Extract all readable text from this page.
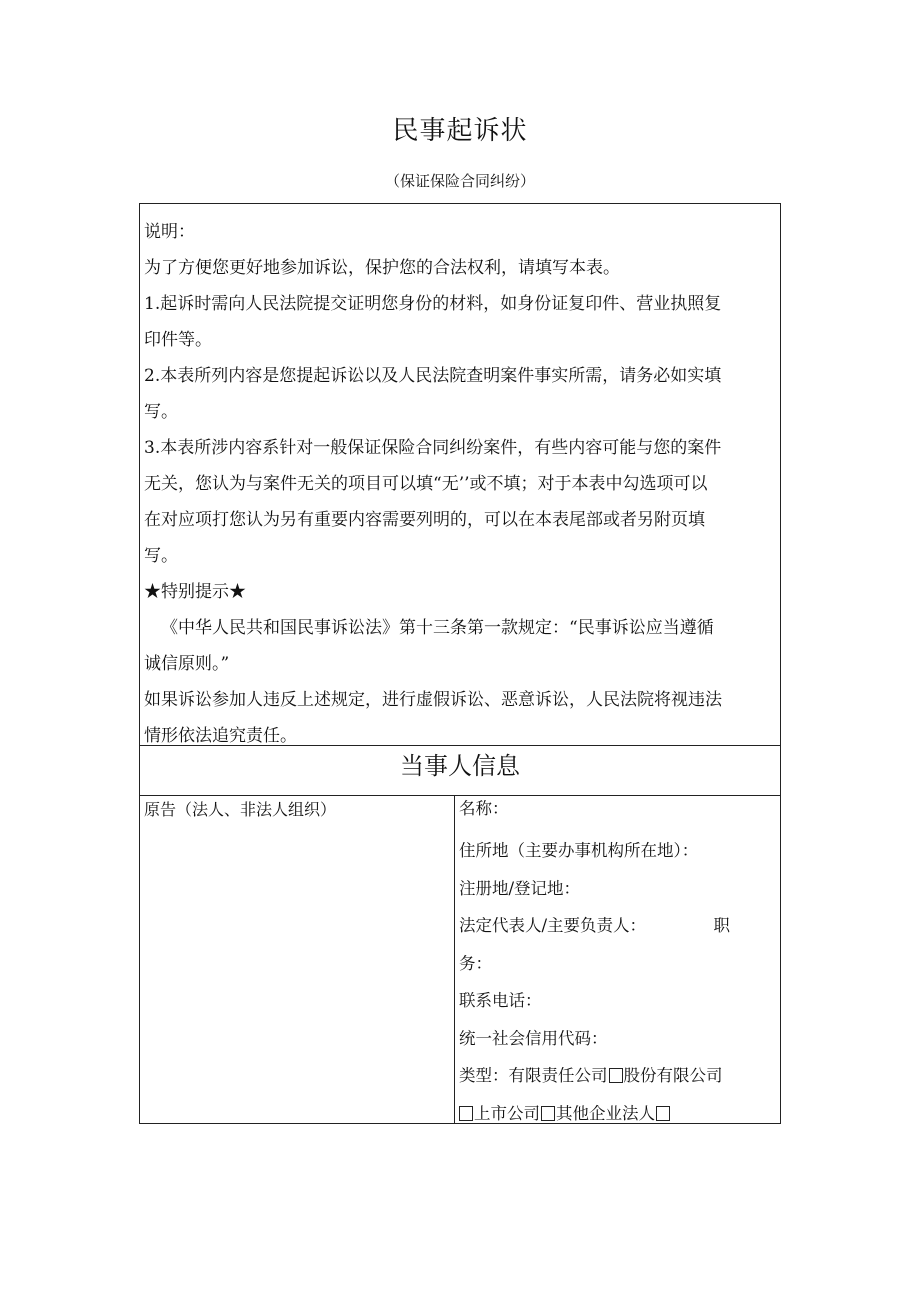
民事起诉状
（保证保险合同纠纷）

说明：

为了方便您更好地参加诉讼，保护您的合法权利，请填写本表。

1.起诉时需向人民法院提交证明您身份的材料，如身份证复印件、营业执照复

印件等。

2.本表所列内容是您提起诉讼以及人民法院查明案件事实所需，请务必如实填

写。

3.本表所涉内容系针对一般保证保险合同纠纷案件，有些内容可能与您的案件

无关，您认为与案件无关的项目可以填“无’’或不填；对于本表中勾选项可以

在对应项打您认为另有重要内容需要列明的，可以在本表尾部或者另附页填

写。

★特别提示★

《中华人民共和国民事诉讼法》第十三条第一款规定：“民事诉讼应当遵循

诚信原则。”

如果诉讼参加人违反上述规定，进行虚假诉讼、恶意诉讼，人民法院将视违法

情形依法追究责任。

当事人信息
原告（法人、非法人组织）	名称：

住所地（主要办事机构所在地）：

注册地/登记地：

法定代表人/主要负责人：	职

务：

联系电话：

统一社会信用代码：

类型：有限责任公司 股份有限公司

上市公司 其他企业法人
